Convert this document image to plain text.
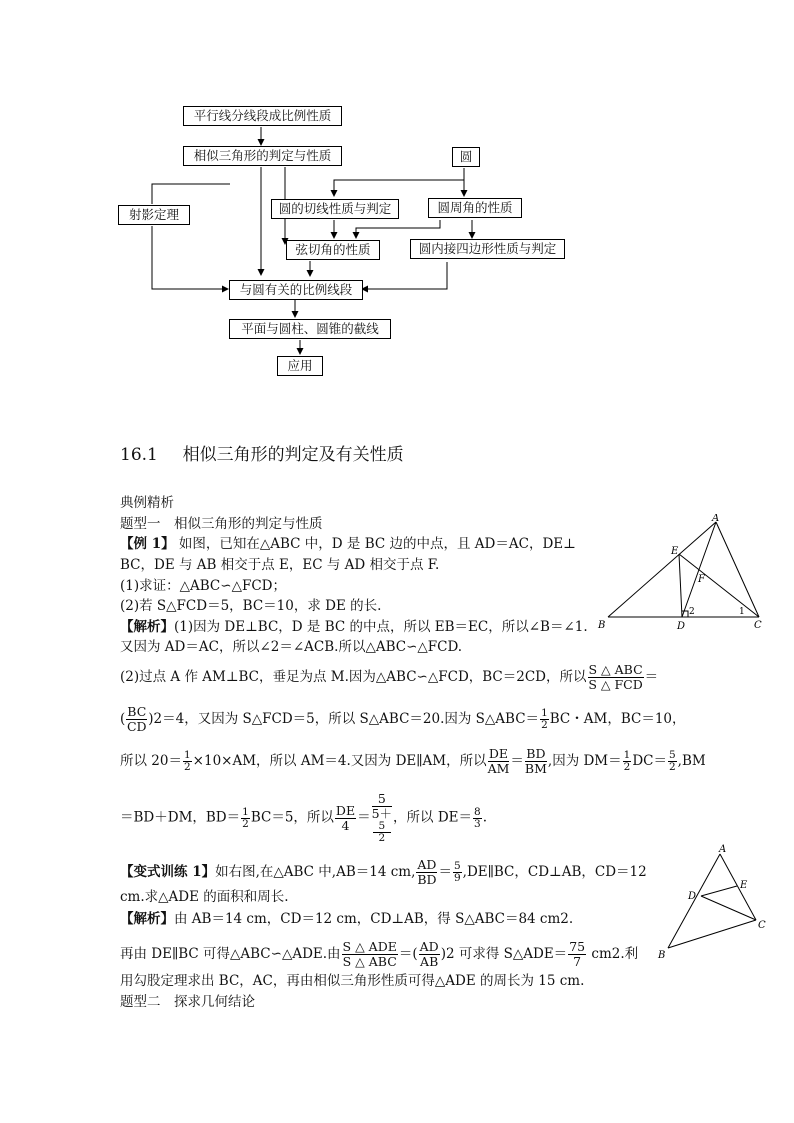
平行线分线段成比例性质
相似三角形的判定与性质	圆
射影定理	圆的切线性质与判定	圆周角的性质
弦切角的性质	圆内接四边形性质与判定
与圆有关的比例线段
平面与圆柱、圆锥的截线
应用
16.1 相似三角形的判定及有关性质
典例精析
题型一　相似三角形的判定与性质
【例 1】 如图，已知在△ABC 中，D 是 BC 边的中点，且 AD＝AC，DE⊥
BC，DE 与 AB 相交于点 E，EC 与 AD 相交于点 F.
(1)求证：△ABC∽△FCD；
(2)若 S△FCD＝5，BC＝10，求 DE 的长.
【解析】(1)因为 DE⊥BC，D 是 BC 的中点，所以 EB＝EC，所以∠B＝∠1.
又因为 AD＝AC，所以∠2＝∠ACB.所以△ABC∽△FCD.
(2)过点 A 作 AM⊥BC，垂足为点 M.因为△ABC∽△FCD，BC＝2CD，所以 $\frac{\text{S △ ABC}}{\text{S △ FCD}}$ ＝
( $\frac{BC}{CD} )2=4$，又因为 S△FCD＝5，所以 S△ABC＝20.因为 S△ABC＝ $\frac{1}{2}$ BC・AM，BC＝10，
所以 $20= \frac{1}{2} \times 10\times AM$，所以 AM＝4.又因为 DE∥AM，所以 $\frac{DE}{AM} = \frac{BD}{BM}$ ,因为 $DM= \frac{1}{2} DC= \frac{5}{2} ,BM$
＝BD＋DM，$BD= \frac{1}{2} BC=5$，所以 $\frac{DE}{4} = 5$
5＋
5
2 ，所以 $DE= \frac{8}{3}$ .
【变式训练 1】如右图,在△ABC 中,AB＝14 cm, $\frac{AD}{BD} = \frac{5}{9}$ ,DE∥BC，CD⊥AB，CD＝12
cm.求△ADE 的面积和周长.
【解析】由 AB＝14 cm，CD＝12 cm，CD⊥AB，得 S△ABC＝84 cm2.
再由 DE∥BC 可得△ABC∽△ADE.由 $\frac{\text{S △ ADE}}{\text{S △ ABC}}$ ＝( $\frac{AD}{AB} )2$ 可求得 S△ADE＝ $\frac{75}{7} cm2$.利
用勾股定理求出 BC，AC，再由相似三角形性质可得△ADE 的周长为 15 cm.
题型二　探求几何结论
A
B	C
D
E
F
1
2
A
B
C
D
E
